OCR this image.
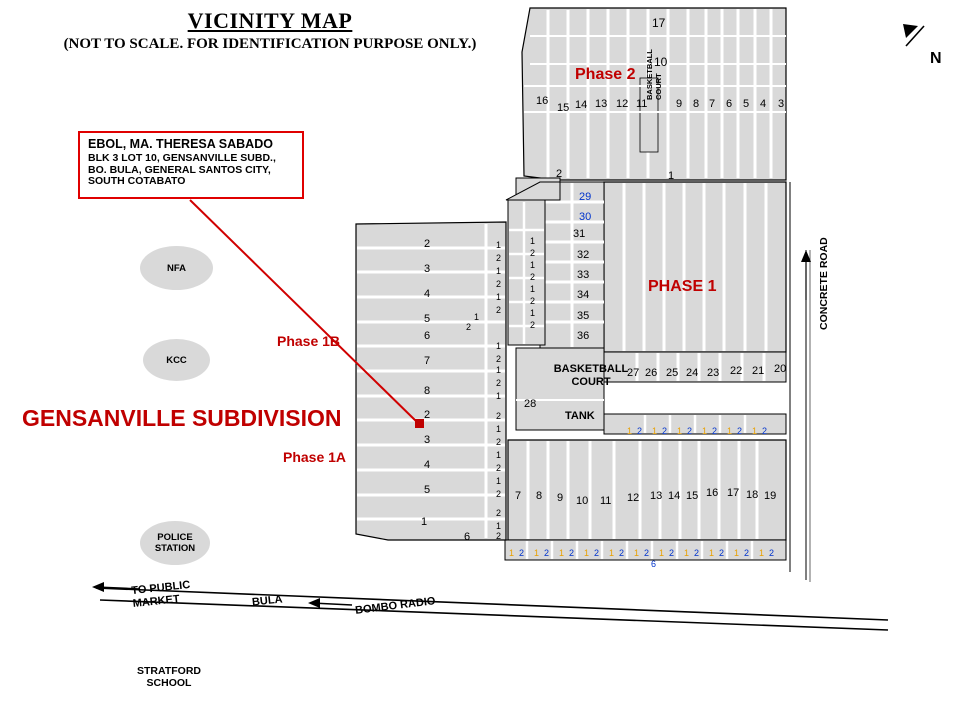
VICINITY MAP
(NOT TO SCALE. FOR IDENTIFICATION PURPOSE ONLY.)
EBOL, MA. THERESA SABADO
BLK 3 LOT 10, GENSANVILLE SUBD., BO. BULA, GENERAL SANTOS CITY, SOUTH COTABATO
GENSANVILLE SUBDIVISION
Phase 2
PHASE 1
Phase 1B
Phase 1A
NFA
KCC
POLICE
STATION
STRATFORD
SCHOOL
BASKETBALL
COURT
TANK
BASKETBALL COURT
CONCRETE ROAD
N
TO PUBLIC
MARKET	BULA	BOMBO RADIO
17
10
16
15 14 13 12 11	9 8 7 6 5 4 3
2	1
29
30
31
32
33
34
35
36
28
27 26 25 24 23 22 21 20
7 8 9 10 11 12 13 14 15 16 17 18 19
2
3
4
5
6
7
8
2
3
4
5
1
6
1
2
1
2
1
2
1
2
1
2
1
2
1
2
1
2
1
2
1
2
2
1
2
1
2
1
2
1
2
1
2
1 2 1 2 1 2 1 2 1 2 1 2
1 2 1 2 1 2 1 2 1 2 1 2
6
1 2 1 2 1 2 1 2 1 2
